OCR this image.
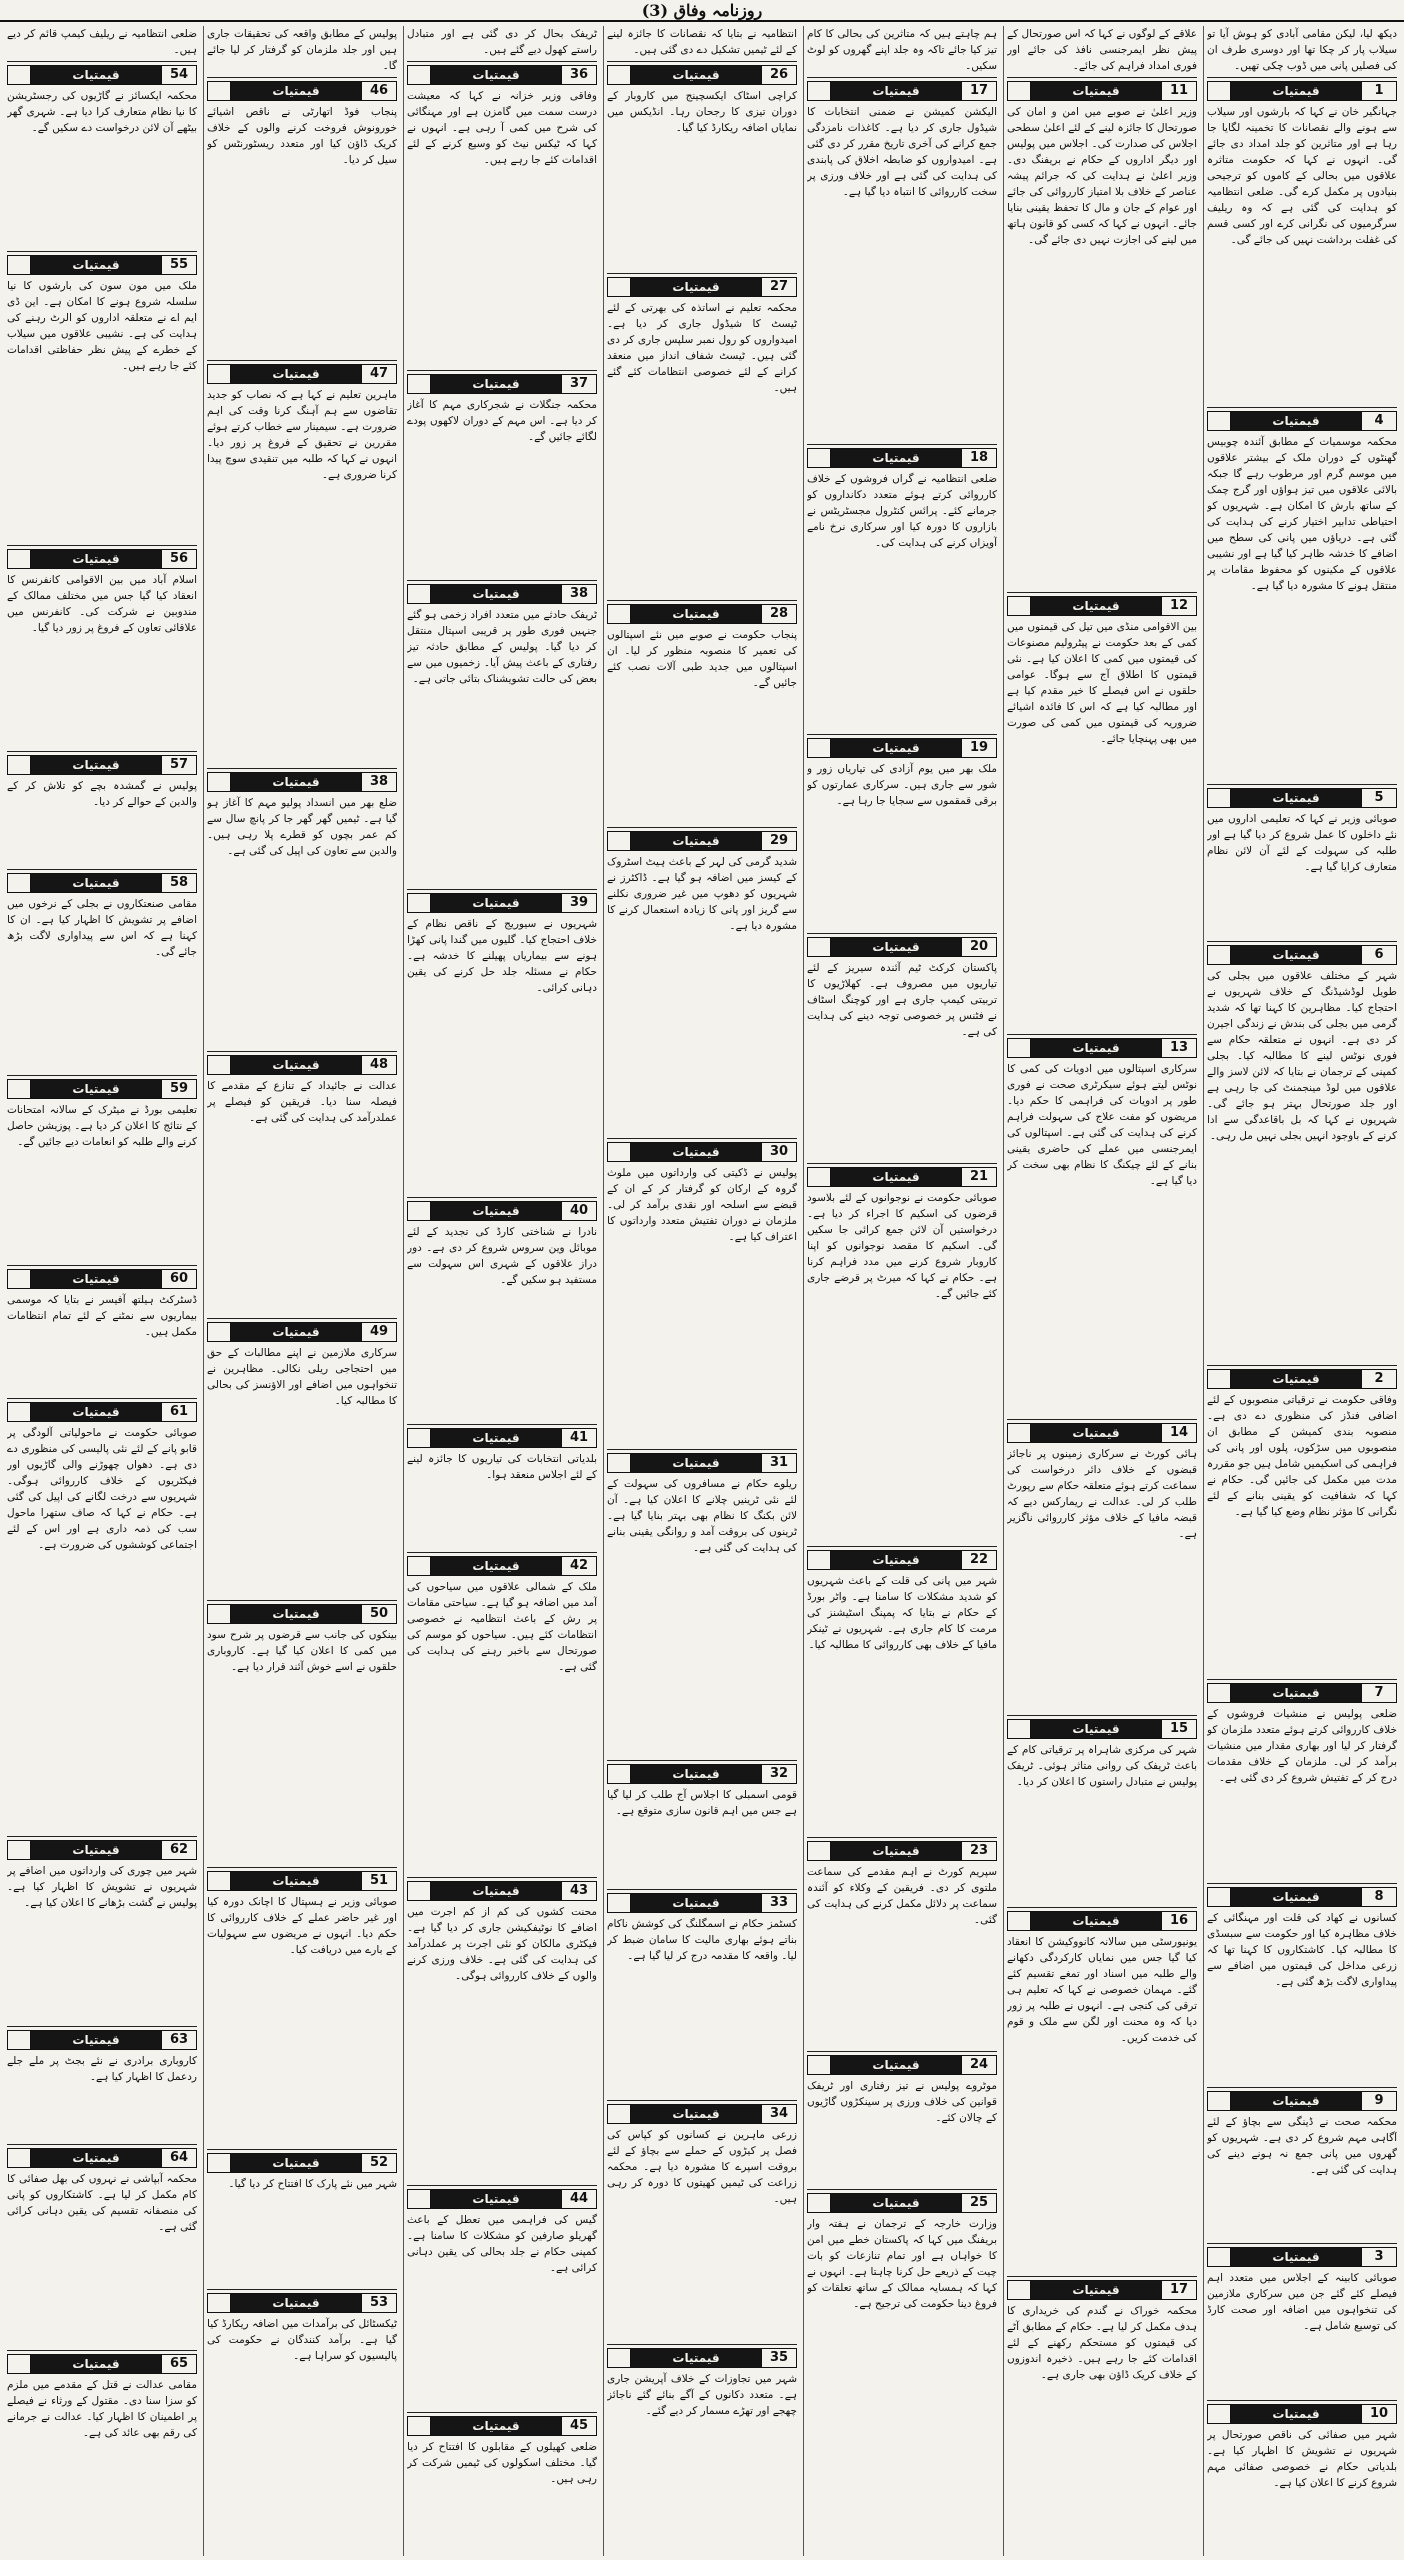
روزنامہ وفاق (3)
دیکھ لیا، لیکن مقامی آبادی کو ہوش آیا تو سیلاب پار کر چکا تھا اور دوسری طرف ان کی فصلیں پانی میں ڈوب چکی تھیں۔
1
قیمتیات
جہانگیر خان نے کہا کہ بارشوں اور سیلاب سے ہونے والے نقصانات کا تخمینہ لگایا جا رہا ہے اور متاثرین کو جلد امداد دی جائے گی۔ انہوں نے کہا کہ حکومت متاثرہ علاقوں میں بحالی کے کاموں کو ترجیحی بنیادوں پر مکمل کرے گی۔ ضلعی انتظامیہ کو ہدایت کی گئی ہے کہ وہ ریلیف سرگرمیوں کی نگرانی کرے اور کسی قسم کی غفلت برداشت نہیں کی جائے گی۔
4
قیمتیات
محکمہ موسمیات کے مطابق آئندہ چوبیس گھنٹوں کے دوران ملک کے بیشتر علاقوں میں موسم گرم اور مرطوب رہے گا جبکہ بالائی علاقوں میں تیز ہواؤں اور گرج چمک کے ساتھ بارش کا امکان ہے۔ شہریوں کو احتیاطی تدابیر اختیار کرنے کی ہدایت کی گئی ہے۔ دریاؤں میں پانی کی سطح میں اضافے کا خدشہ ظاہر کیا گیا ہے اور نشیبی علاقوں کے مکینوں کو محفوظ مقامات پر منتقل ہونے کا مشورہ دیا گیا ہے۔
5
قیمتیات
صوبائی وزیر نے کہا کہ تعلیمی اداروں میں نئے داخلوں کا عمل شروع کر دیا گیا ہے اور طلبہ کی سہولت کے لئے آن لائن نظام متعارف کرایا گیا ہے۔
6
قیمتیات
شہر کے مختلف علاقوں میں بجلی کی طویل لوڈشیڈنگ کے خلاف شہریوں نے احتجاج کیا۔ مظاہرین کا کہنا تھا کہ شدید گرمی میں بجلی کی بندش نے زندگی اجیرن کر دی ہے۔ انہوں نے متعلقہ حکام سے فوری نوٹس لینے کا مطالبہ کیا۔ بجلی کمپنی کے ترجمان نے بتایا کہ لائن لاسز والے علاقوں میں لوڈ مینجمنٹ کی جا رہی ہے اور جلد صورتحال بہتر ہو جائے گی۔ شہریوں نے کہا کہ بل باقاعدگی سے ادا کرنے کے باوجود انہیں بجلی نہیں مل رہی۔
2
قیمتیات
وفاقی حکومت نے ترقیاتی منصوبوں کے لئے اضافی فنڈز کی منظوری دے دی ہے۔ منصوبہ بندی کمیشن کے مطابق ان منصوبوں میں سڑکوں، پلوں اور پانی کی فراہمی کی اسکیمیں شامل ہیں جو مقررہ مدت میں مکمل کی جائیں گی۔ حکام نے کہا کہ شفافیت کو یقینی بنانے کے لئے نگرانی کا مؤثر نظام وضع کیا گیا ہے۔
7
قیمتیات
ضلعی پولیس نے منشیات فروشوں کے خلاف کارروائی کرتے ہوئے متعدد ملزمان کو گرفتار کر لیا اور بھاری مقدار میں منشیات برآمد کر لی۔ ملزمان کے خلاف مقدمات درج کر کے تفتیش شروع کر دی گئی ہے۔
8
قیمتیات
کسانوں نے کھاد کی قلت اور مہنگائی کے خلاف مظاہرہ کیا اور حکومت سے سبسڈی کا مطالبہ کیا۔ کاشتکاروں کا کہنا تھا کہ زرعی مداخل کی قیمتوں میں اضافے سے پیداواری لاگت بڑھ گئی ہے۔
9
قیمتیات
محکمہ صحت نے ڈینگی سے بچاؤ کے لئے آگاہی مہم شروع کر دی ہے۔ شہریوں کو گھروں میں پانی جمع نہ ہونے دینے کی ہدایت کی گئی ہے۔
3
قیمتیات
صوبائی کابینہ کے اجلاس میں متعدد اہم فیصلے کئے گئے جن میں سرکاری ملازمین کی تنخواہوں میں اضافہ اور صحت کارڈ کی توسیع شامل ہے۔
10
قیمتیات
شہر میں صفائی کی ناقص صورتحال پر شہریوں نے تشویش کا اظہار کیا ہے۔ بلدیاتی حکام نے خصوصی صفائی مہم شروع کرنے کا اعلان کیا ہے۔
علاقے کے لوگوں نے کہا کہ اس صورتحال کے پیش نظر ایمرجنسی نافذ کی جائے اور فوری امداد فراہم کی جائے۔
11
قیمتیات
وزیر اعلیٰ نے صوبے میں امن و امان کی صورتحال کا جائزہ لینے کے لئے اعلیٰ سطحی اجلاس کی صدارت کی۔ اجلاس میں پولیس اور دیگر اداروں کے حکام نے بریفنگ دی۔ وزیر اعلیٰ نے ہدایت کی کہ جرائم پیشہ عناصر کے خلاف بلا امتیاز کارروائی کی جائے اور عوام کے جان و مال کا تحفظ یقینی بنایا جائے۔ انہوں نے کہا کہ کسی کو قانون ہاتھ میں لینے کی اجازت نہیں دی جائے گی۔
12
قیمتیات
بین الاقوامی منڈی میں تیل کی قیمتوں میں کمی کے بعد حکومت نے پیٹرولیم مصنوعات کی قیمتوں میں کمی کا اعلان کیا ہے۔ نئی قیمتوں کا اطلاق آج سے ہوگا۔ عوامی حلقوں نے اس فیصلے کا خیر مقدم کیا ہے اور مطالبہ کیا ہے کہ اس کا فائدہ اشیائے ضروریہ کی قیمتوں میں کمی کی صورت میں بھی پہنچایا جائے۔
13
قیمتیات
سرکاری اسپتالوں میں ادویات کی کمی کا نوٹس لیتے ہوئے سیکرٹری صحت نے فوری طور پر ادویات کی فراہمی کا حکم دیا۔ مریضوں کو مفت علاج کی سہولت فراہم کرنے کی ہدایت کی گئی ہے۔ اسپتالوں کی ایمرجنسی میں عملے کی حاضری یقینی بنانے کے لئے چیکنگ کا نظام بھی سخت کر دیا گیا ہے۔
14
قیمتیات
ہائی کورٹ نے سرکاری زمینوں پر ناجائز قبضوں کے خلاف دائر درخواست کی سماعت کرتے ہوئے متعلقہ حکام سے رپورٹ طلب کر لی۔ عدالت نے ریمارکس دیے کہ قبضہ مافیا کے خلاف مؤثر کارروائی ناگزیر ہے۔
15
قیمتیات
شہر کی مرکزی شاہراہ پر ترقیاتی کام کے باعث ٹریفک کی روانی متاثر ہوئی۔ ٹریفک پولیس نے متبادل راستوں کا اعلان کر دیا۔
16
قیمتیات
یونیورسٹی میں سالانہ کانووکیشن کا انعقاد کیا گیا جس میں نمایاں کارکردگی دکھانے والے طلبہ میں اسناد اور تمغے تقسیم کئے گئے۔ مہمان خصوصی نے کہا کہ تعلیم ہی ترقی کی کنجی ہے۔ انہوں نے طلبہ پر زور دیا کہ وہ محنت اور لگن سے ملک و قوم کی خدمت کریں۔
17
قیمتیات
محکمہ خوراک نے گندم کی خریداری کا ہدف مکمل کر لیا ہے۔ حکام کے مطابق آٹے کی قیمتوں کو مستحکم رکھنے کے لئے اقدامات کئے جا رہے ہیں۔ ذخیرہ اندوزوں کے خلاف کریک ڈاؤن بھی جاری ہے۔
ہم چاہتے ہیں کہ متاثرین کی بحالی کا کام تیز کیا جائے تاکہ وہ جلد اپنے گھروں کو لوٹ سکیں۔
17
قیمتیات
الیکشن کمیشن نے ضمنی انتخابات کا شیڈول جاری کر دیا ہے۔ کاغذات نامزدگی جمع کرانے کی آخری تاریخ مقرر کر دی گئی ہے۔ امیدواروں کو ضابطہ اخلاق کی پابندی کی ہدایت کی گئی ہے اور خلاف ورزی پر سخت کارروائی کا انتباہ دیا گیا ہے۔
18
قیمتیات
ضلعی انتظامیہ نے گراں فروشوں کے خلاف کارروائی کرتے ہوئے متعدد دکانداروں کو جرمانے کئے۔ پرائس کنٹرول مجسٹریٹس نے بازاروں کا دورہ کیا اور سرکاری نرخ نامے آویزاں کرنے کی ہدایت کی۔
19
قیمتیات
ملک بھر میں یوم آزادی کی تیاریاں زور و شور سے جاری ہیں۔ سرکاری عمارتوں کو برقی قمقموں سے سجایا جا رہا ہے۔
20
قیمتیات
پاکستان کرکٹ ٹیم آئندہ سیریز کے لئے تیاریوں میں مصروف ہے۔ کھلاڑیوں کا تربیتی کیمپ جاری ہے اور کوچنگ اسٹاف نے فٹنس پر خصوصی توجہ دینے کی ہدایت کی ہے۔
21
قیمتیات
صوبائی حکومت نے نوجوانوں کے لئے بلاسود قرضوں کی اسکیم کا اجراء کر دیا ہے۔ درخواستیں آن لائن جمع کرائی جا سکیں گی۔ اسکیم کا مقصد نوجوانوں کو اپنا کاروبار شروع کرنے میں مدد فراہم کرنا ہے۔ حکام نے کہا کہ میرٹ پر قرضے جاری کئے جائیں گے۔
22
قیمتیات
شہر میں پانی کی قلت کے باعث شہریوں کو شدید مشکلات کا سامنا ہے۔ واٹر بورڈ کے حکام نے بتایا کہ پمپنگ اسٹیشنز کی مرمت کا کام جاری ہے۔ شہریوں نے ٹینکر مافیا کے خلاف بھی کارروائی کا مطالبہ کیا۔
23
قیمتیات
سپریم کورٹ نے اہم مقدمے کی سماعت ملتوی کر دی۔ فریقین کے وکلاء کو آئندہ سماعت پر دلائل مکمل کرنے کی ہدایت کی گئی۔
24
قیمتیات
موٹروے پولیس نے تیز رفتاری اور ٹریفک قوانین کی خلاف ورزی پر سینکڑوں گاڑیوں کے چالان کئے۔
25
قیمتیات
وزارت خارجہ کے ترجمان نے ہفتہ وار بریفنگ میں کہا کہ پاکستان خطے میں امن کا خواہاں ہے اور تمام تنازعات کو بات چیت کے ذریعے حل کرنا چاہتا ہے۔ انہوں نے کہا کہ ہمسایہ ممالک کے ساتھ تعلقات کو فروغ دینا حکومت کی ترجیح ہے۔
انتظامیہ نے بتایا کہ نقصانات کا جائزہ لینے کے لئے ٹیمیں تشکیل دے دی گئی ہیں۔
26
قیمتیات
کراچی اسٹاک ایکسچینج میں کاروبار کے دوران تیزی کا رجحان رہا۔ انڈیکس میں نمایاں اضافہ ریکارڈ کیا گیا۔
27
قیمتیات
محکمہ تعلیم نے اساتذہ کی بھرتی کے لئے ٹیسٹ کا شیڈول جاری کر دیا ہے۔ امیدواروں کو رول نمبر سلپس جاری کر دی گئی ہیں۔ ٹیسٹ شفاف انداز میں منعقد کرانے کے لئے خصوصی انتظامات کئے گئے ہیں۔
28
قیمتیات
پنجاب حکومت نے صوبے میں نئے اسپتالوں کی تعمیر کا منصوبہ منظور کر لیا۔ ان اسپتالوں میں جدید طبی آلات نصب کئے جائیں گے۔
29
قیمتیات
شدید گرمی کی لہر کے باعث ہیٹ اسٹروک کے کیسز میں اضافہ ہو گیا ہے۔ ڈاکٹرز نے شہریوں کو دھوپ میں غیر ضروری نکلنے سے گریز اور پانی کا زیادہ استعمال کرنے کا مشورہ دیا ہے۔
30
قیمتیات
پولیس نے ڈکیتی کی وارداتوں میں ملوث گروہ کے ارکان کو گرفتار کر کے ان کے قبضے سے اسلحہ اور نقدی برآمد کر لی۔ ملزمان نے دوران تفتیش متعدد وارداتوں کا اعتراف کیا ہے۔
31
قیمتیات
ریلوے حکام نے مسافروں کی سہولت کے لئے نئی ٹرینیں چلانے کا اعلان کیا ہے۔ آن لائن بکنگ کا نظام بھی بہتر بنایا گیا ہے۔ ٹرینوں کی بروقت آمد و روانگی یقینی بنانے کی ہدایت کی گئی ہے۔
32
قیمتیات
قومی اسمبلی کا اجلاس آج طلب کر لیا گیا ہے جس میں اہم قانون سازی متوقع ہے۔
33
قیمتیات
کسٹمز حکام نے اسمگلنگ کی کوشش ناکام بناتے ہوئے بھاری مالیت کا سامان ضبط کر لیا۔ واقعہ کا مقدمہ درج کر لیا گیا ہے۔
34
قیمتیات
زرعی ماہرین نے کسانوں کو کپاس کی فصل پر کیڑوں کے حملے سے بچاؤ کے لئے بروقت اسپرے کا مشورہ دیا ہے۔ محکمہ زراعت کی ٹیمیں کھیتوں کا دورہ کر رہی ہیں۔
35
قیمتیات
شہر میں تجاوزات کے خلاف آپریشن جاری ہے۔ متعدد دکانوں کے آگے بنائے گئے ناجائز چھجے اور تھڑے مسمار کر دیے گئے۔
ٹریفک بحال کر دی گئی ہے اور متبادل راستے کھول دیے گئے ہیں۔
36
قیمتیات
وفاقی وزیر خزانہ نے کہا کہ معیشت درست سمت میں گامزن ہے اور مہنگائی کی شرح میں کمی آ رہی ہے۔ انہوں نے کہا کہ ٹیکس نیٹ کو وسیع کرنے کے لئے اقدامات کئے جا رہے ہیں۔
37
قیمتیات
محکمہ جنگلات نے شجرکاری مہم کا آغاز کر دیا ہے۔ اس مہم کے دوران لاکھوں پودے لگائے جائیں گے۔
38
قیمتیات
ٹریفک حادثے میں متعدد افراد زخمی ہو گئے جنہیں فوری طور پر قریبی اسپتال منتقل کر دیا گیا۔ پولیس کے مطابق حادثہ تیز رفتاری کے باعث پیش آیا۔ زخمیوں میں سے بعض کی حالت تشویشناک بتائی جاتی ہے۔
39
قیمتیات
شہریوں نے سیوریج کے ناقص نظام کے خلاف احتجاج کیا۔ گلیوں میں گندا پانی کھڑا ہونے سے بیماریاں پھیلنے کا خدشہ ہے۔ حکام نے مسئلہ جلد حل کرنے کی یقین دہانی کرائی۔
40
قیمتیات
نادرا نے شناختی کارڈ کی تجدید کے لئے موبائل وین سروس شروع کر دی ہے۔ دور دراز علاقوں کے شہری اس سہولت سے مستفید ہو سکیں گے۔
41
قیمتیات
بلدیاتی انتخابات کی تیاریوں کا جائزہ لینے کے لئے اجلاس منعقد ہوا۔
42
قیمتیات
ملک کے شمالی علاقوں میں سیاحوں کی آمد میں اضافہ ہو گیا ہے۔ سیاحتی مقامات پر رش کے باعث انتظامیہ نے خصوصی انتظامات کئے ہیں۔ سیاحوں کو موسم کی صورتحال سے باخبر رہنے کی ہدایت کی گئی ہے۔
43
قیمتیات
محنت کشوں کی کم از کم اجرت میں اضافے کا نوٹیفکیشن جاری کر دیا گیا ہے۔ فیکٹری مالکان کو نئی اجرت پر عملدرآمد کی ہدایت کی گئی ہے۔ خلاف ورزی کرنے والوں کے خلاف کارروائی ہوگی۔
44
قیمتیات
گیس کی فراہمی میں تعطل کے باعث گھریلو صارفین کو مشکلات کا سامنا ہے۔ کمپنی حکام نے جلد بحالی کی یقین دہانی کرائی ہے۔
45
قیمتیات
ضلعی کھیلوں کے مقابلوں کا افتتاح کر دیا گیا۔ مختلف اسکولوں کی ٹیمیں شرکت کر رہی ہیں۔
پولیس کے مطابق واقعہ کی تحقیقات جاری ہیں اور جلد ملزمان کو گرفتار کر لیا جائے گا۔
46
قیمتیات
پنجاب فوڈ اتھارٹی نے ناقص اشیائے خورونوش فروخت کرنے والوں کے خلاف کریک ڈاؤن کیا اور متعدد ریسٹورنٹس کو سیل کر دیا۔
47
قیمتیات
ماہرین تعلیم نے کہا ہے کہ نصاب کو جدید تقاضوں سے ہم آہنگ کرنا وقت کی اہم ضرورت ہے۔ سیمینار سے خطاب کرتے ہوئے مقررین نے تحقیق کے فروغ پر زور دیا۔ انہوں نے کہا کہ طلبہ میں تنقیدی سوچ پیدا کرنا ضروری ہے۔
38
قیمتیات
ضلع بھر میں انسداد پولیو مہم کا آغاز ہو گیا ہے۔ ٹیمیں گھر گھر جا کر پانچ سال سے کم عمر بچوں کو قطرے پلا رہی ہیں۔ والدین سے تعاون کی اپیل کی گئی ہے۔
48
قیمتیات
عدالت نے جائیداد کے تنازع کے مقدمے کا فیصلہ سنا دیا۔ فریقین کو فیصلے پر عملدرآمد کی ہدایت کی گئی ہے۔
49
قیمتیات
سرکاری ملازمین نے اپنے مطالبات کے حق میں احتجاجی ریلی نکالی۔ مظاہرین نے تنخواہوں میں اضافے اور الاؤنسز کی بحالی کا مطالبہ کیا۔
50
قیمتیات
بینکوں کی جانب سے قرضوں پر شرح سود میں کمی کا اعلان کیا گیا ہے۔ کاروباری حلقوں نے اسے خوش آئند قرار دیا ہے۔
51
قیمتیات
صوبائی وزیر نے ہسپتال کا اچانک دورہ کیا اور غیر حاضر عملے کے خلاف کارروائی کا حکم دیا۔ انہوں نے مریضوں سے سہولیات کے بارے میں دریافت کیا۔
52
قیمتیات
شہر میں نئے پارک کا افتتاح کر دیا گیا۔
53
قیمتیات
ٹیکسٹائل کی برآمدات میں اضافہ ریکارڈ کیا گیا ہے۔ برآمد کنندگان نے حکومت کی پالیسیوں کو سراہا ہے۔
ضلعی انتظامیہ نے ریلیف کیمپ قائم کر دیے ہیں۔
54
قیمتیات
محکمہ ایکسائز نے گاڑیوں کی رجسٹریشن کا نیا نظام متعارف کرا دیا ہے۔ شہری گھر بیٹھے آن لائن درخواست دے سکیں گے۔
55
قیمتیات
ملک میں مون سون کی بارشوں کا نیا سلسلہ شروع ہونے کا امکان ہے۔ این ڈی ایم اے نے متعلقہ اداروں کو الرٹ رہنے کی ہدایت کی ہے۔ نشیبی علاقوں میں سیلاب کے خطرے کے پیش نظر حفاظتی اقدامات کئے جا رہے ہیں۔
56
قیمتیات
اسلام آباد میں بین الاقوامی کانفرنس کا انعقاد کیا گیا جس میں مختلف ممالک کے مندوبین نے شرکت کی۔ کانفرنس میں علاقائی تعاون کے فروغ پر زور دیا گیا۔
57
قیمتیات
پولیس نے گمشدہ بچے کو تلاش کر کے والدین کے حوالے کر دیا۔
58
قیمتیات
مقامی صنعتکاروں نے بجلی کے نرخوں میں اضافے پر تشویش کا اظہار کیا ہے۔ ان کا کہنا ہے کہ اس سے پیداواری لاگت بڑھ جائے گی۔
59
قیمتیات
تعلیمی بورڈ نے میٹرک کے سالانہ امتحانات کے نتائج کا اعلان کر دیا ہے۔ پوزیشن حاصل کرنے والے طلبہ کو انعامات دیے جائیں گے۔
60
قیمتیات
ڈسٹرکٹ ہیلتھ آفیسر نے بتایا کہ موسمی بیماریوں سے نمٹنے کے لئے تمام انتظامات مکمل ہیں۔
61
قیمتیات
صوبائی حکومت نے ماحولیاتی آلودگی پر قابو پانے کے لئے نئی پالیسی کی منظوری دے دی ہے۔ دھواں چھوڑنے والی گاڑیوں اور فیکٹریوں کے خلاف کارروائی ہوگی۔ شہریوں سے درخت لگانے کی اپیل کی گئی ہے۔ حکام نے کہا کہ صاف ستھرا ماحول سب کی ذمہ داری ہے اور اس کے لئے اجتماعی کوششوں کی ضرورت ہے۔
62
قیمتیات
شہر میں چوری کی وارداتوں میں اضافے پر شہریوں نے تشویش کا اظہار کیا ہے۔ پولیس نے گشت بڑھانے کا اعلان کیا ہے۔
63
قیمتیات
کاروباری برادری نے نئے بجٹ پر ملے جلے ردعمل کا اظہار کیا ہے۔
64
قیمتیات
محکمہ آبپاشی نے نہروں کی بھل صفائی کا کام مکمل کر لیا ہے۔ کاشتکاروں کو پانی کی منصفانہ تقسیم کی یقین دہانی کرائی گئی ہے۔
65
قیمتیات
مقامی عدالت نے قتل کے مقدمے میں ملزم کو سزا سنا دی۔ مقتول کے ورثاء نے فیصلے پر اطمینان کا اظہار کیا۔ عدالت نے جرمانے کی رقم بھی عائد کی ہے۔
